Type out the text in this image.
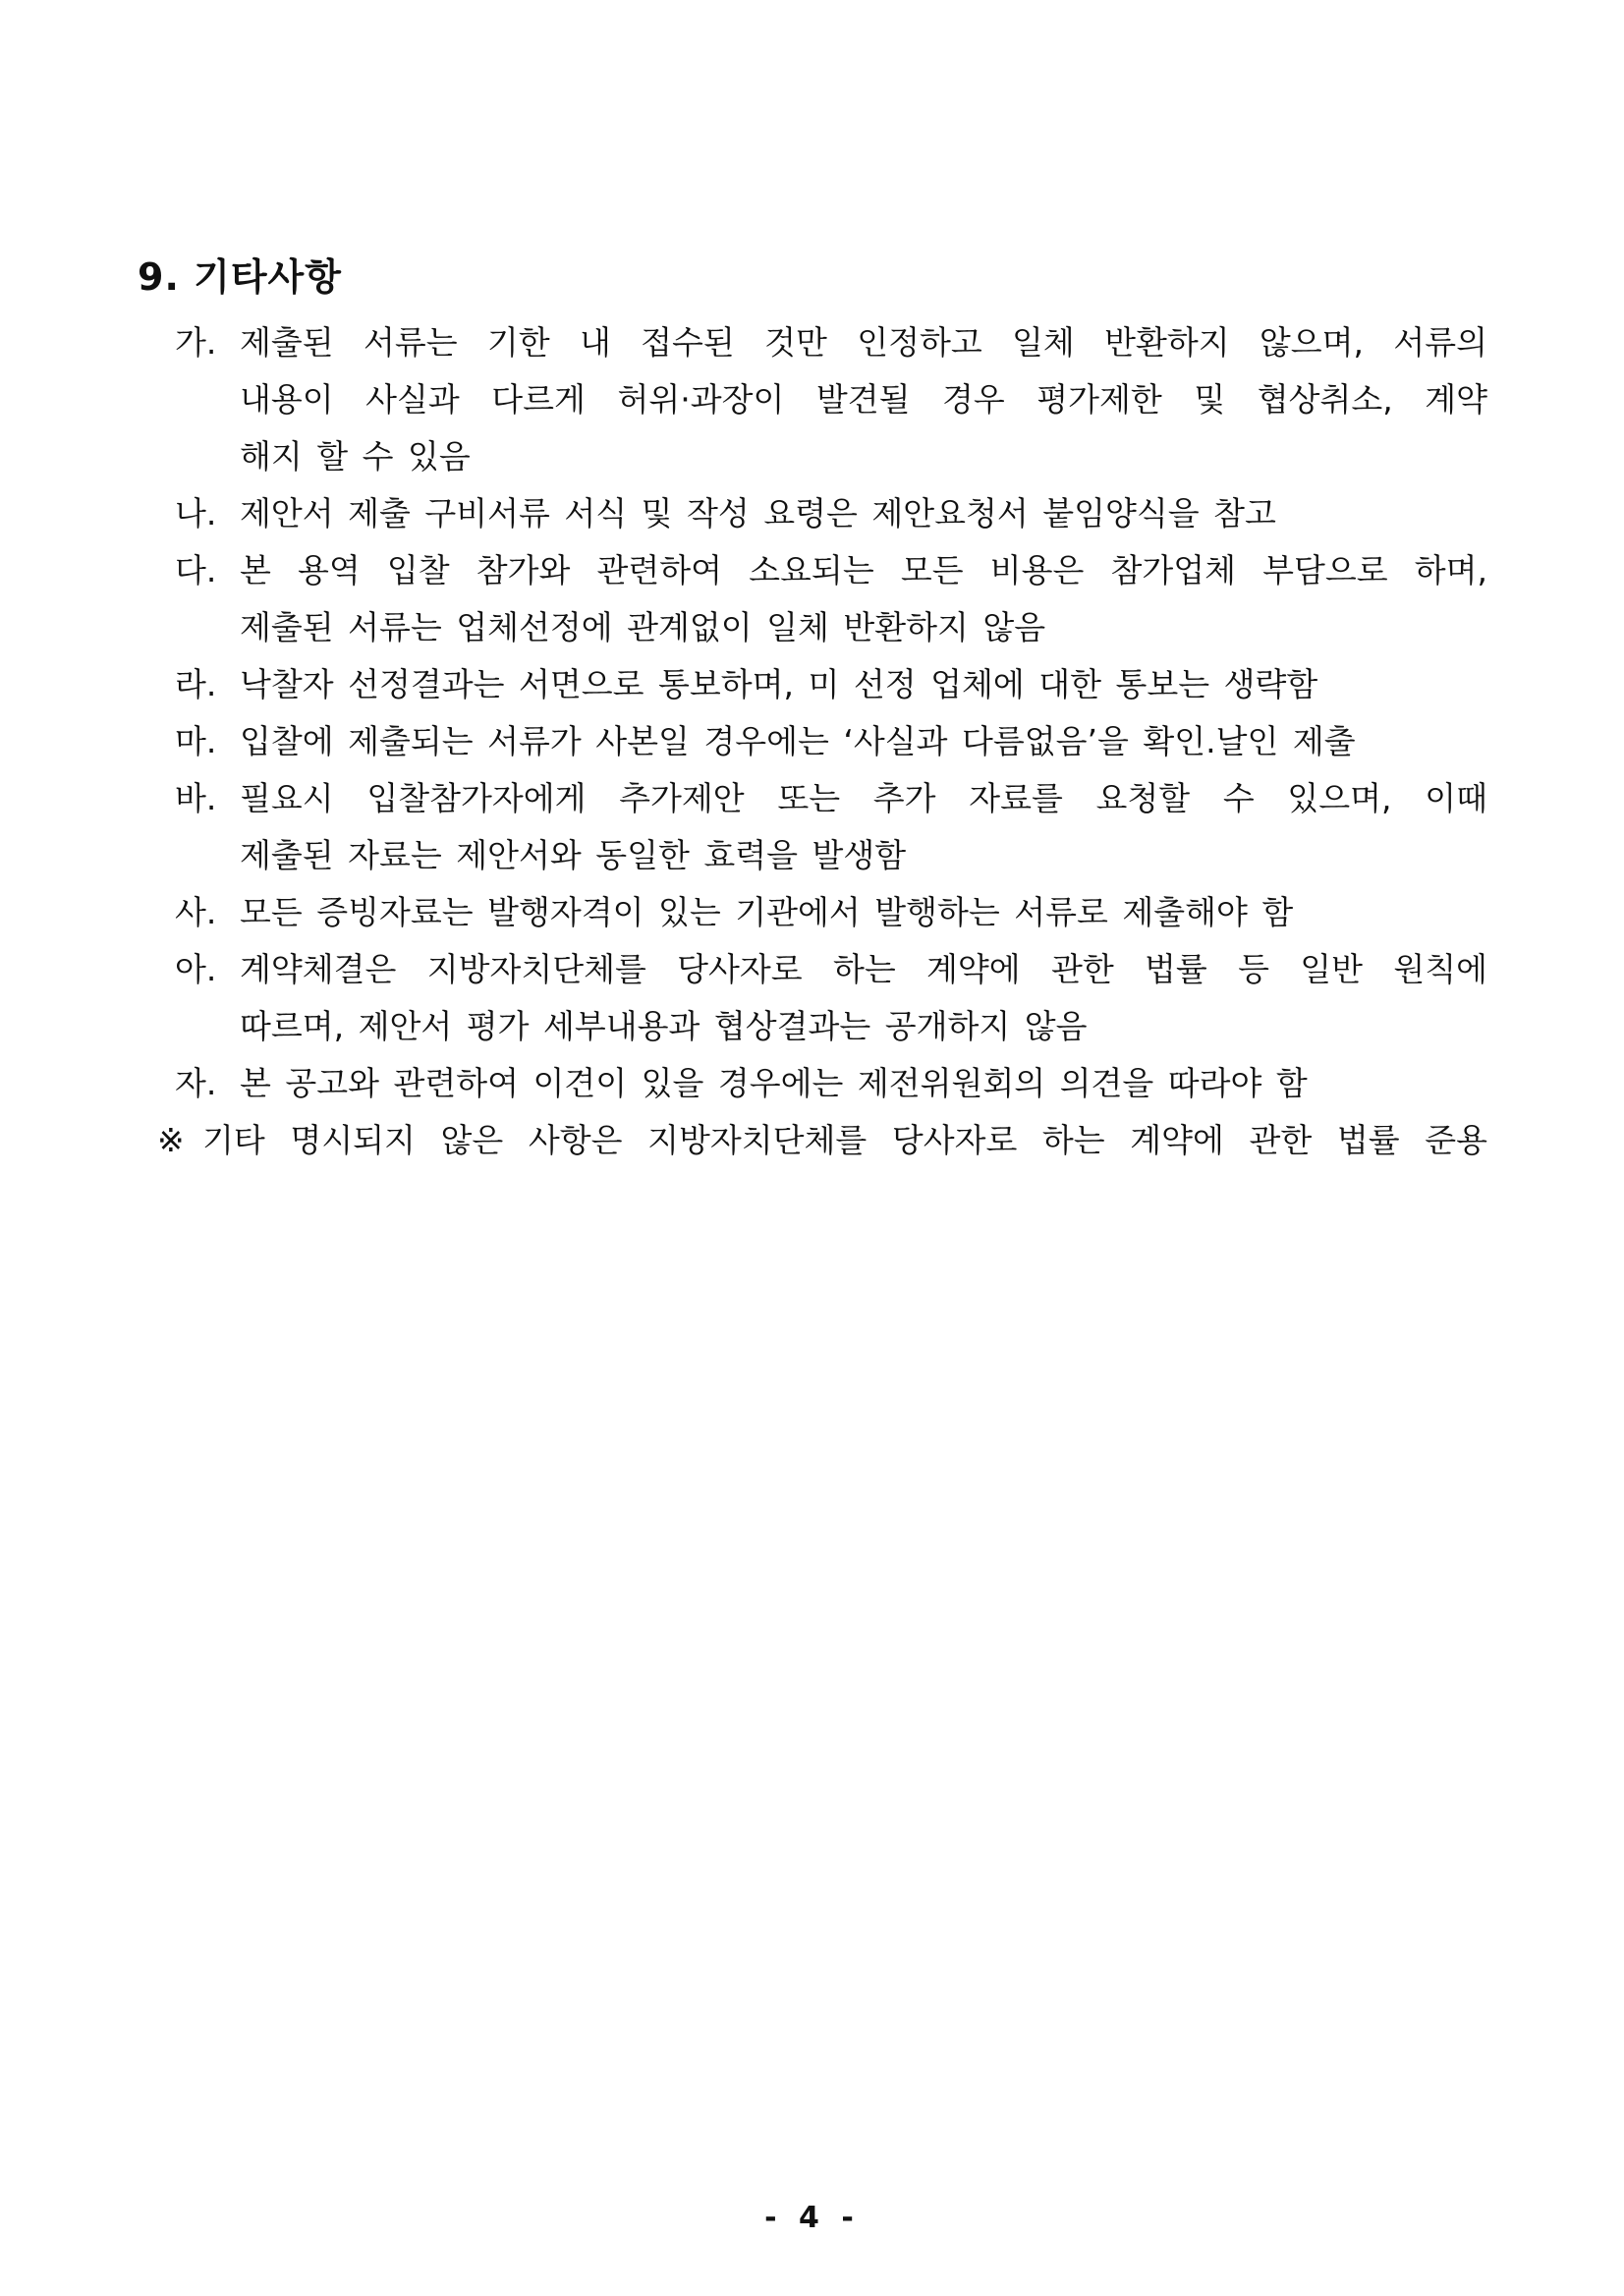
9. 기타사항
가. 제출된 서류는 기한 내 접수된 것만 인정하고 일체 반환하지 않으며, 서류의
내용이 사실과 다르게 허위·과장이 발견될 경우 평가제한 및 협상취소, 계약
해지 할 수 있음
나. 제안서 제출 구비서류 서식 및 작성 요령은 제안요청서 붙임양식을 참고
다. 본 용역 입찰 참가와 관련하여 소요되는 모든 비용은 참가업체 부담으로 하며,
제출된 서류는 업체선정에 관계없이 일체 반환하지 않음
라. 낙찰자 선정결과는 서면으로 통보하며, 미 선정 업체에 대한 통보는 생략함
마. 입찰에 제출되는 서류가 사본일 경우에는 ‘사실과 다름없음’을 확인.날인 제출
바. 필요시 입찰참가자에게 추가제안 또는 추가 자료를 요청할 수 있으며, 이때
제출된 자료는 제안서와 동일한 효력을 발생함
사. 모든 증빙자료는 발행자격이 있는 기관에서 발행하는 서류로 제출해야 함
아. 계약체결은 지방자치단체를 당사자로 하는 계약에 관한 법률 등 일반 원칙에
따르며, 제안서 평가 세부내용과 협상결과는 공개하지 않음
자. 본 공고와 관련하여 이견이 있을 경우에는 제전위원회의 의견을 따라야 함
※ 기타 명시되지 않은 사항은 지방자치단체를 당사자로 하는 계약에 관한 법률 준용
- 4 -
